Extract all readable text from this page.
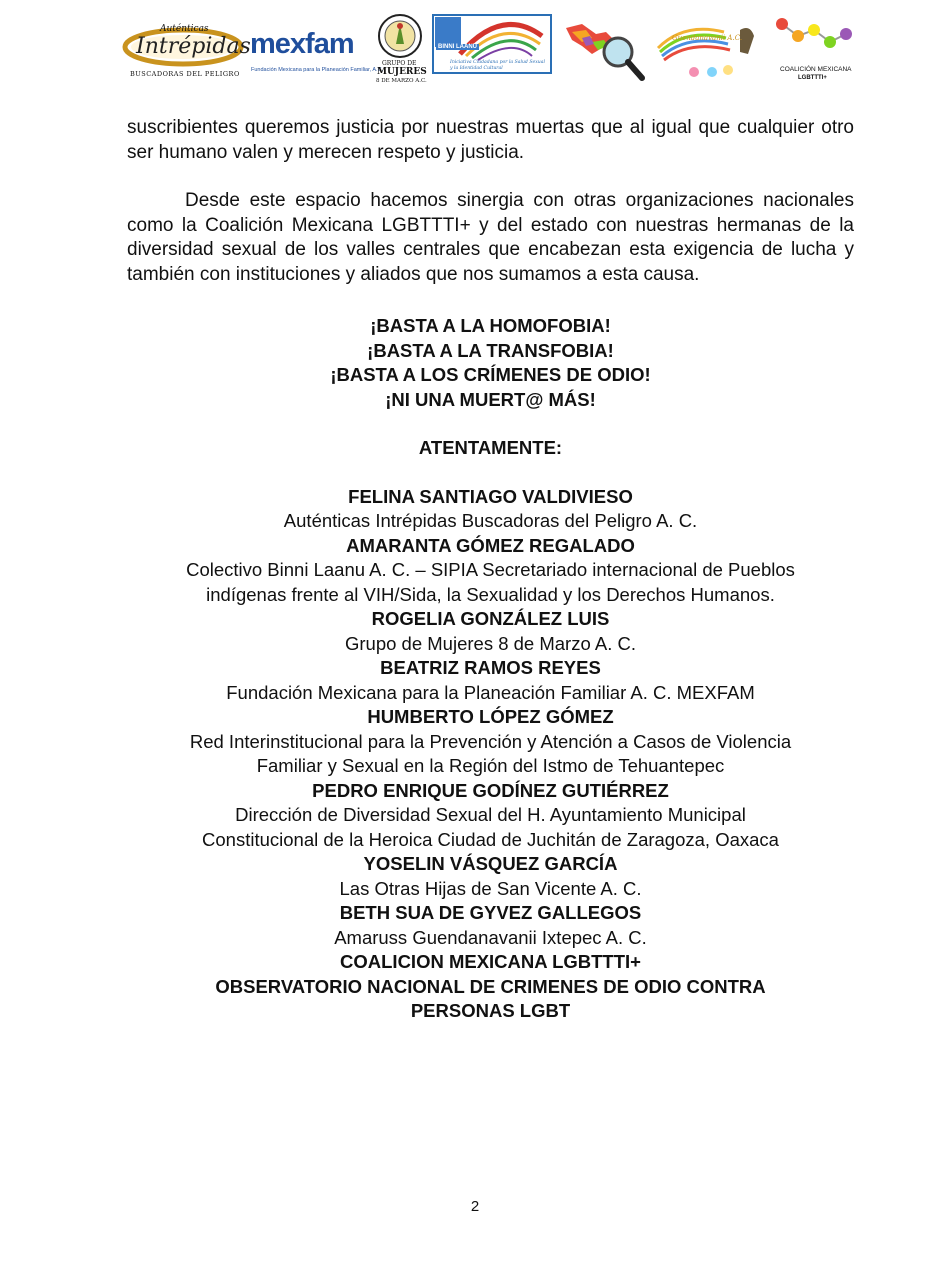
Auténticas
Intrépidas
BUSCADORAS DEL PELIGRO
mexfam
Fundación Mexicana para la Planeación Familiar, A.C.
GRUPO DE
MUJERES
8 DE MARZO A.C.
BINNI LAANU
Iniciativa Ciudadana por la Salud Sexual y la Identidad Cultural
Guendanavanii A.C.
COALICIÓN MEXICANA
LGBTTTI+

suscribientes queremos justicia por nuestras muertas que al igual que cualquier otro ser humano valen y merecen respeto y justicia.

Desde este espacio hacemos sinergia con otras organizaciones nacionales como la Coalición Mexicana LGBTTTI+ y del estado con nuestras hermanas de la diversidad sexual de los valles centrales que encabezan esta exigencia de lucha y también con instituciones y aliados que nos sumamos a esta causa.

¡BASTA A LA HOMOFOBIA!
¡BASTA A LA TRANSFOBIA!
¡BASTA A LOS CRÍMENES DE ODIO!
¡NI UNA MUERT@ MÁS!
ATENTAMENTE:
FELINA SANTIAGO VALDIVIESO
Auténticas Intrépidas Buscadoras del Peligro A. C.
AMARANTA GÓMEZ REGALADO
Colectivo Binni Laanu A. C. – SIPIA Secretariado internacional de Pueblos
indígenas frente al VIH/Sida, la Sexualidad y los Derechos Humanos.
ROGELIA GONZÁLEZ LUIS
Grupo de Mujeres 8 de Marzo A. C.
BEATRIZ RAMOS REYES
Fundación Mexicana para la Planeación Familiar A. C. MEXFAM
HUMBERTO LÓPEZ GÓMEZ
Red Interinstitucional para la Prevención y Atención a Casos de Violencia
Familiar y Sexual en la Región del Istmo de Tehuantepec
PEDRO ENRIQUE GODÍNEZ GUTIÉRREZ
Dirección de Diversidad Sexual del H. Ayuntamiento Municipal
Constitucional de la Heroica Ciudad de Juchitán de Zaragoza, Oaxaca
YOSELIN VÁSQUEZ GARCÍA
Las Otras Hijas de San Vicente A. C.
BETH SUA DE GYVEZ GALLEGOS
Amaruss Guendanavanii Ixtepec A. C.
COALICION MEXICANA LGBTTTI+
OBSERVATORIO NACIONAL DE CRIMENES DE ODIO CONTRA
PERSONAS LGBT
2
